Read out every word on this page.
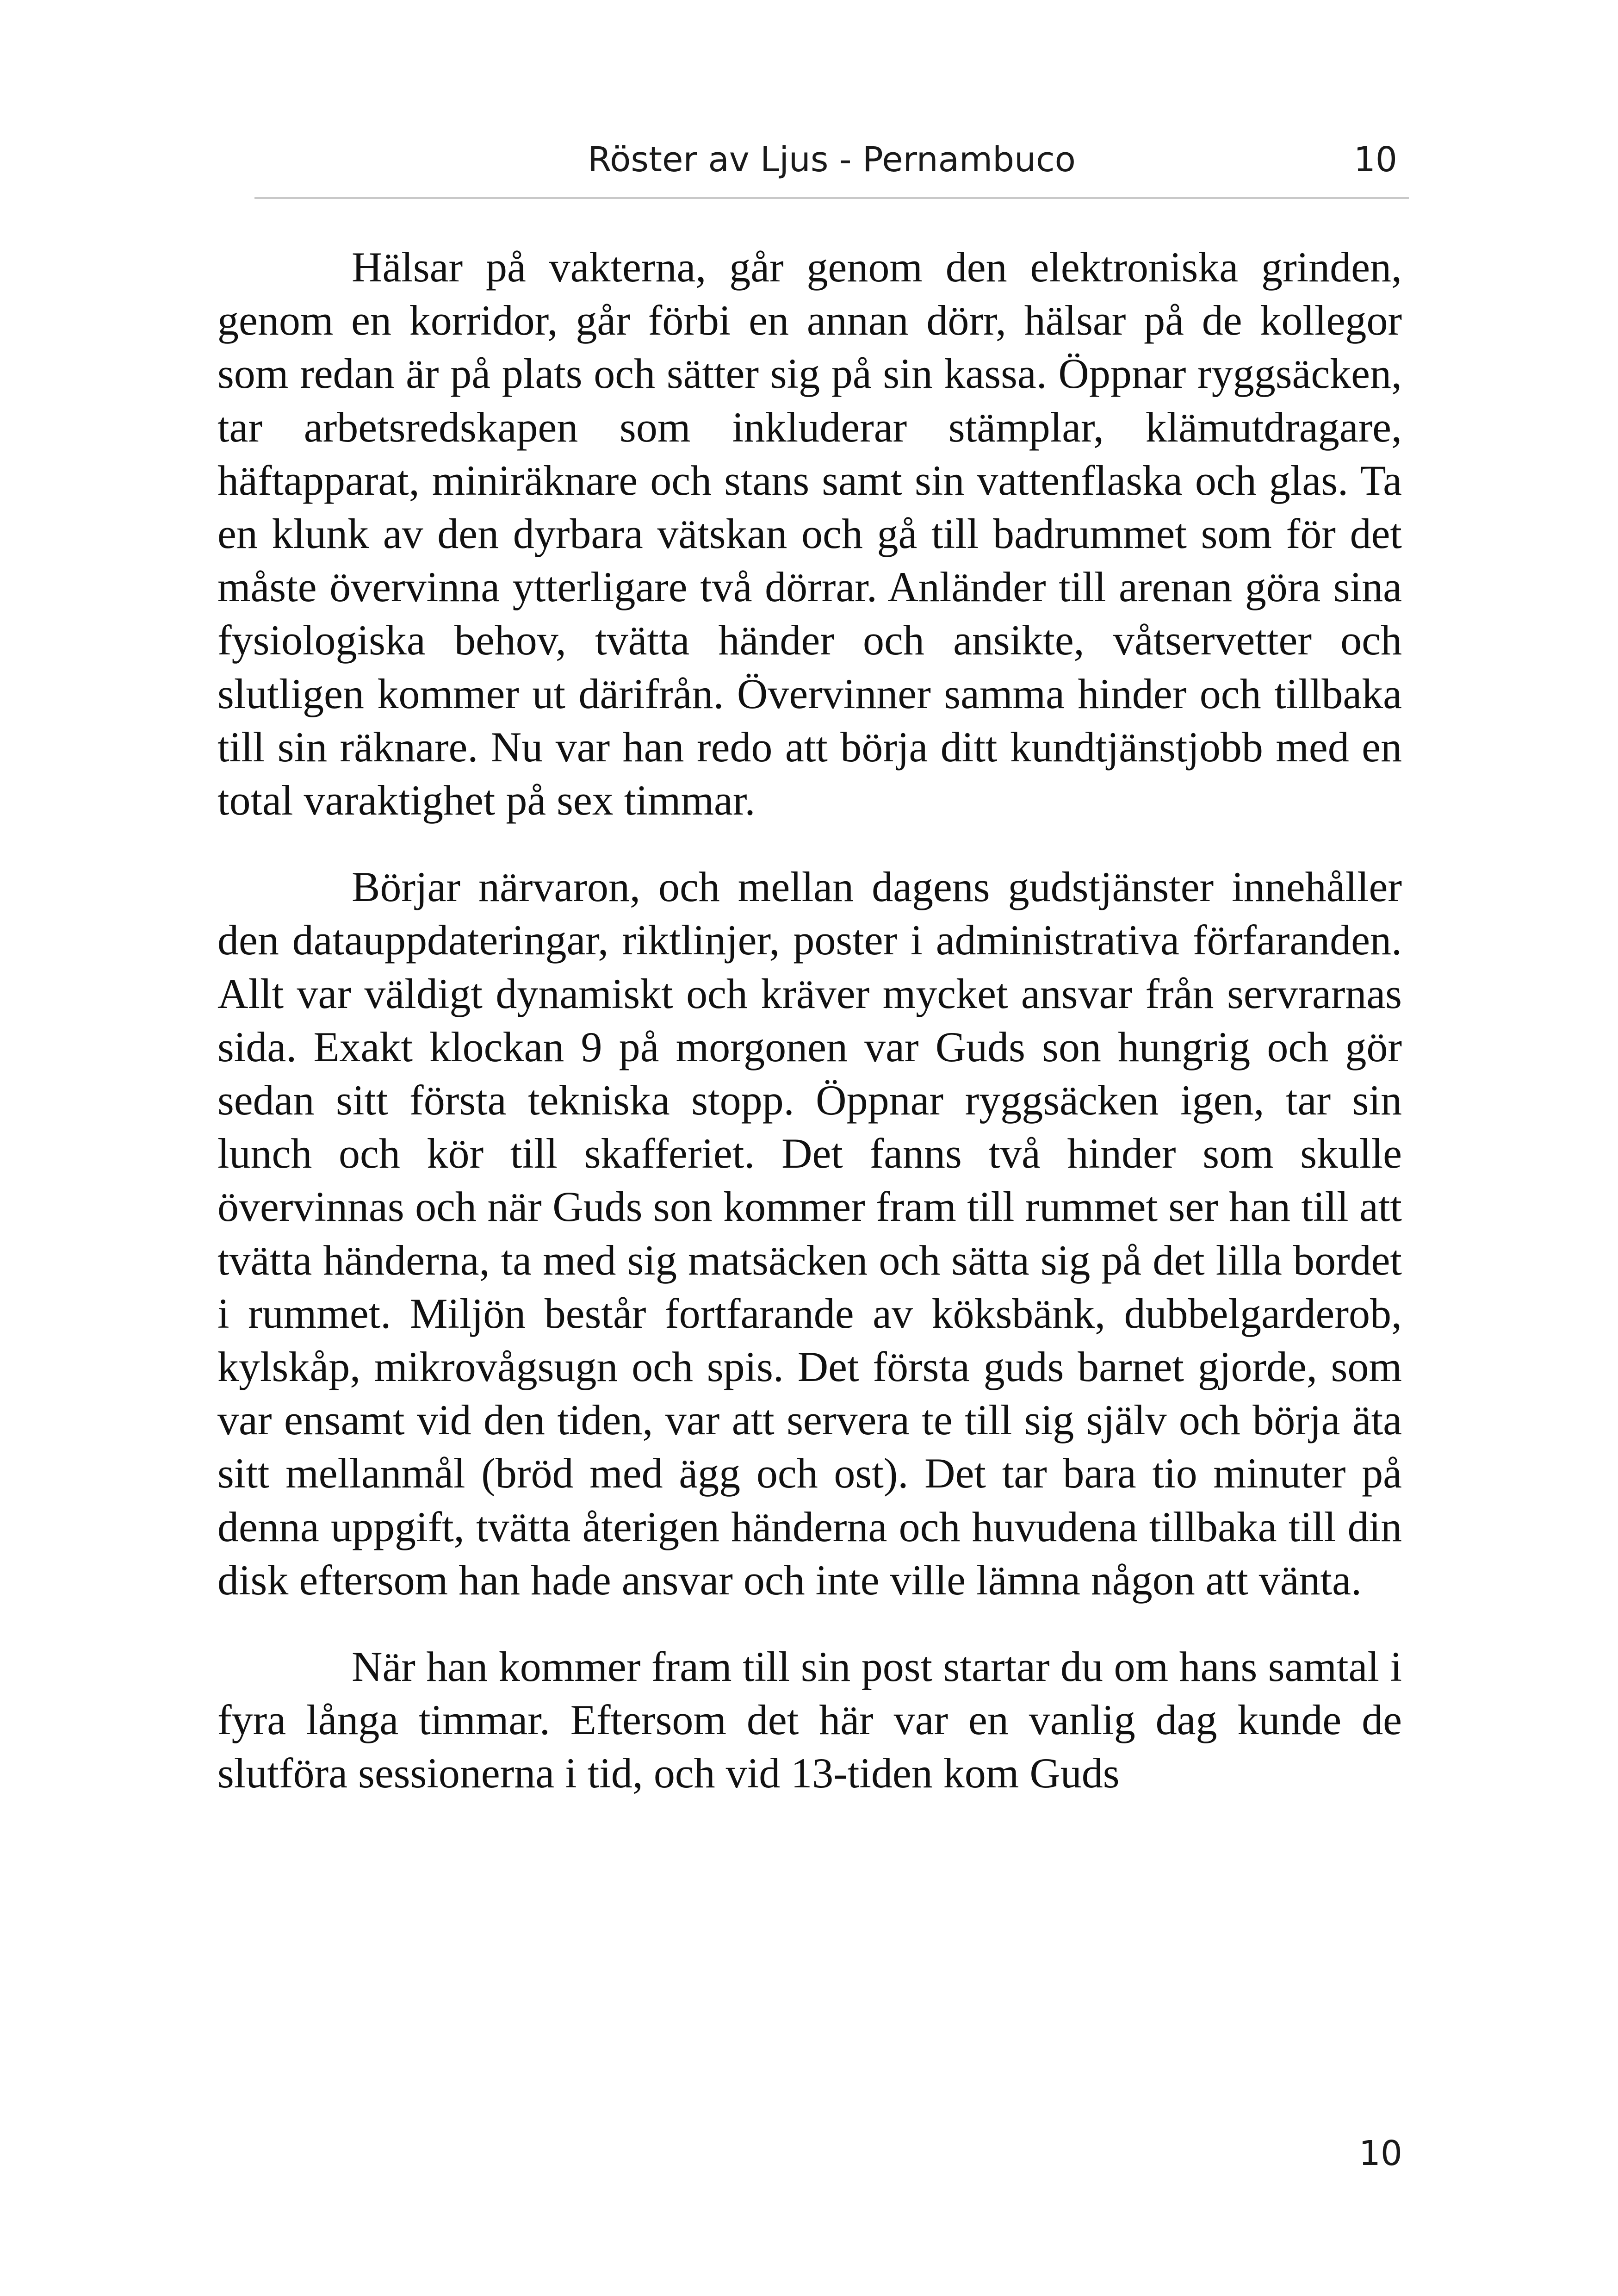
Röster av Ljus - Pernambuco	10

Hälsar på vakterna, går genom den elektroniska grinden, genom en korridor, går förbi en annan dörr, hälsar på de kollegor som redan är på plats och sätter sig på sin kassa. Öppnar ryggsäcken, tar arbetsredskapen som inkluderar stämplar, klämutdragare, häftapparat, miniräknare och stans samt sin vattenflaska och glas. Ta en klunk av den dyrbara vätskan och gå till badrummet som för det måste övervinna ytterligare två dörrar. Anländer till arenan göra sina fysiologiska behov, tvätta händer och ansikte, våtservetter och slutligen kommer ut därifrån. Övervinner samma hinder och tillbaka till sin räknare. Nu var han redo att börja ditt kundtjänstjobb med en total varaktighet på sex timmar.

Börjar närvaron, och mellan dagens gudstjänster innehåller den datauppdateringar, riktlinjer, poster i administrativa förfaranden. Allt var väldigt dynamiskt och kräver mycket ansvar från servrarnas sida. Exakt klockan 9 på morgonen var Guds son hungrig och gör sedan sitt första tekniska stopp. Öppnar ryggsäcken igen, tar sin lunch och kör till skafferiet. Det fanns två hinder som skulle övervinnas och när Guds son kommer fram till rummet ser han till att tvätta händerna, ta med sig matsäcken och sätta sig på det lilla bordet i rummet. Miljön består fortfarande av köksbänk, dubbelgarderob, kylskåp, mikrovågsugn och spis. Det första guds barnet gjorde, som var ensamt vid den tiden, var att servera te till sig själv och börja äta sitt mellanmål (bröd med ägg och ost). Det tar bara tio minuter på denna uppgift, tvätta återigen händerna och huvudena tillbaka till din disk eftersom han hade ansvar och inte ville lämna någon att vänta.

När han kommer fram till sin post startar du om hans samtal i fyra långa timmar. Eftersom det här var en vanlig dag kunde de slutföra sessionerna i tid, och vid 13-tiden kom Guds

10
